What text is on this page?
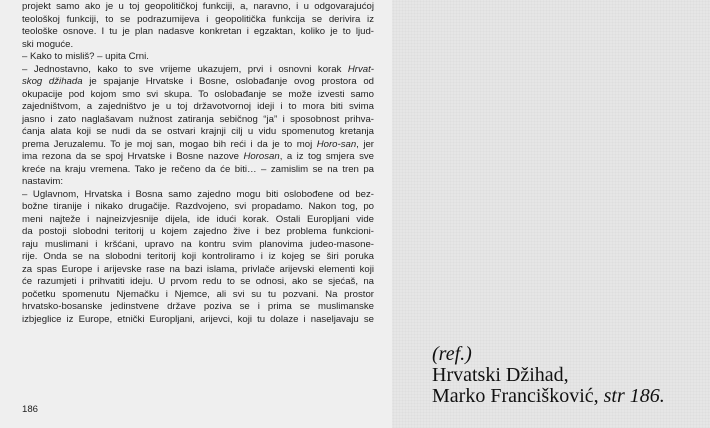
projekt samo ako je u toj geopolitičkoj funkciji, a, naravno, i u odgovarajućoj

teološkoj funkciji, to se podrazumijeva i geopolitička funkcija se derivira iz

teološke osnove. I tu je plan nadasve konkretan i egzaktan, koliko je to ljud-

ski moguće.

– Kako to misliš? – upita Crni.

– Jednostavno, kako to sve vrijeme ukazujem, prvi i osnovni korak Hrvat-

skog džihada je spajanje Hrvatske i Bosne, oslobađanje ovog prostora od

okupacije pod kojom smo svi skupa. To oslobađanje se može izvesti samo

zajedništvom, a zajedništvo je u toj državotvornoj ideji i to mora biti svima

jasno i zato naglašavam nužnost zatiranja sebičnog “ja” i sposobnost prihva-

ćanja alata koji se nudi da se ostvari krajnji cilj u vidu spomenutog kretanja

prema Jeruzalemu. To je moj san, mogao bih reći i da je to moj Horo-san, jer

ima rezona da se spoj Hrvatske i Bosne nazove Horosan, a iz tog smjera sve

kreće na kraju vremena. Tako je rečeno da će biti… – zamislim se na tren pa

nastavim:

– Uglavnom, Hrvatska i Bosna samo zajedno mogu biti oslobođene od bez-

božne tiranije i nikako drugačije. Razdvojeno, svi propadamo. Nakon tog, po

meni najteže i najneizvjesnije dijela, ide idući korak. Ostali Europljani vide

da postoji slobodni teritorij u kojem zajedno žive i bez problema funkcioni-

raju muslimani i kršćani, upravo na kontru svim planovima judeo-masone-

rije. Onda se na slobodni teritorij koji kontroliramo i iz kojeg se širi poruka

za spas Europe i arijevske rase na bazi islama, privlače arijevski elementi koji

će razumjeti i prihvatiti ideju. U prvom redu to se odnosi, ako se sjećaš, na

početku spomenutu Njemačku i Njemce, ali svi su tu pozvani. Na prostor

hrvatsko-bosanske jedinstvene države poziva se i prima se muslimanske

izbjeglice iz Europe, etnički Europljani, arijevci, koji tu dolaze i naseljavaju se

186
(ref.)
Hrvatski Džihad,
Marko Francišković, str 186.
